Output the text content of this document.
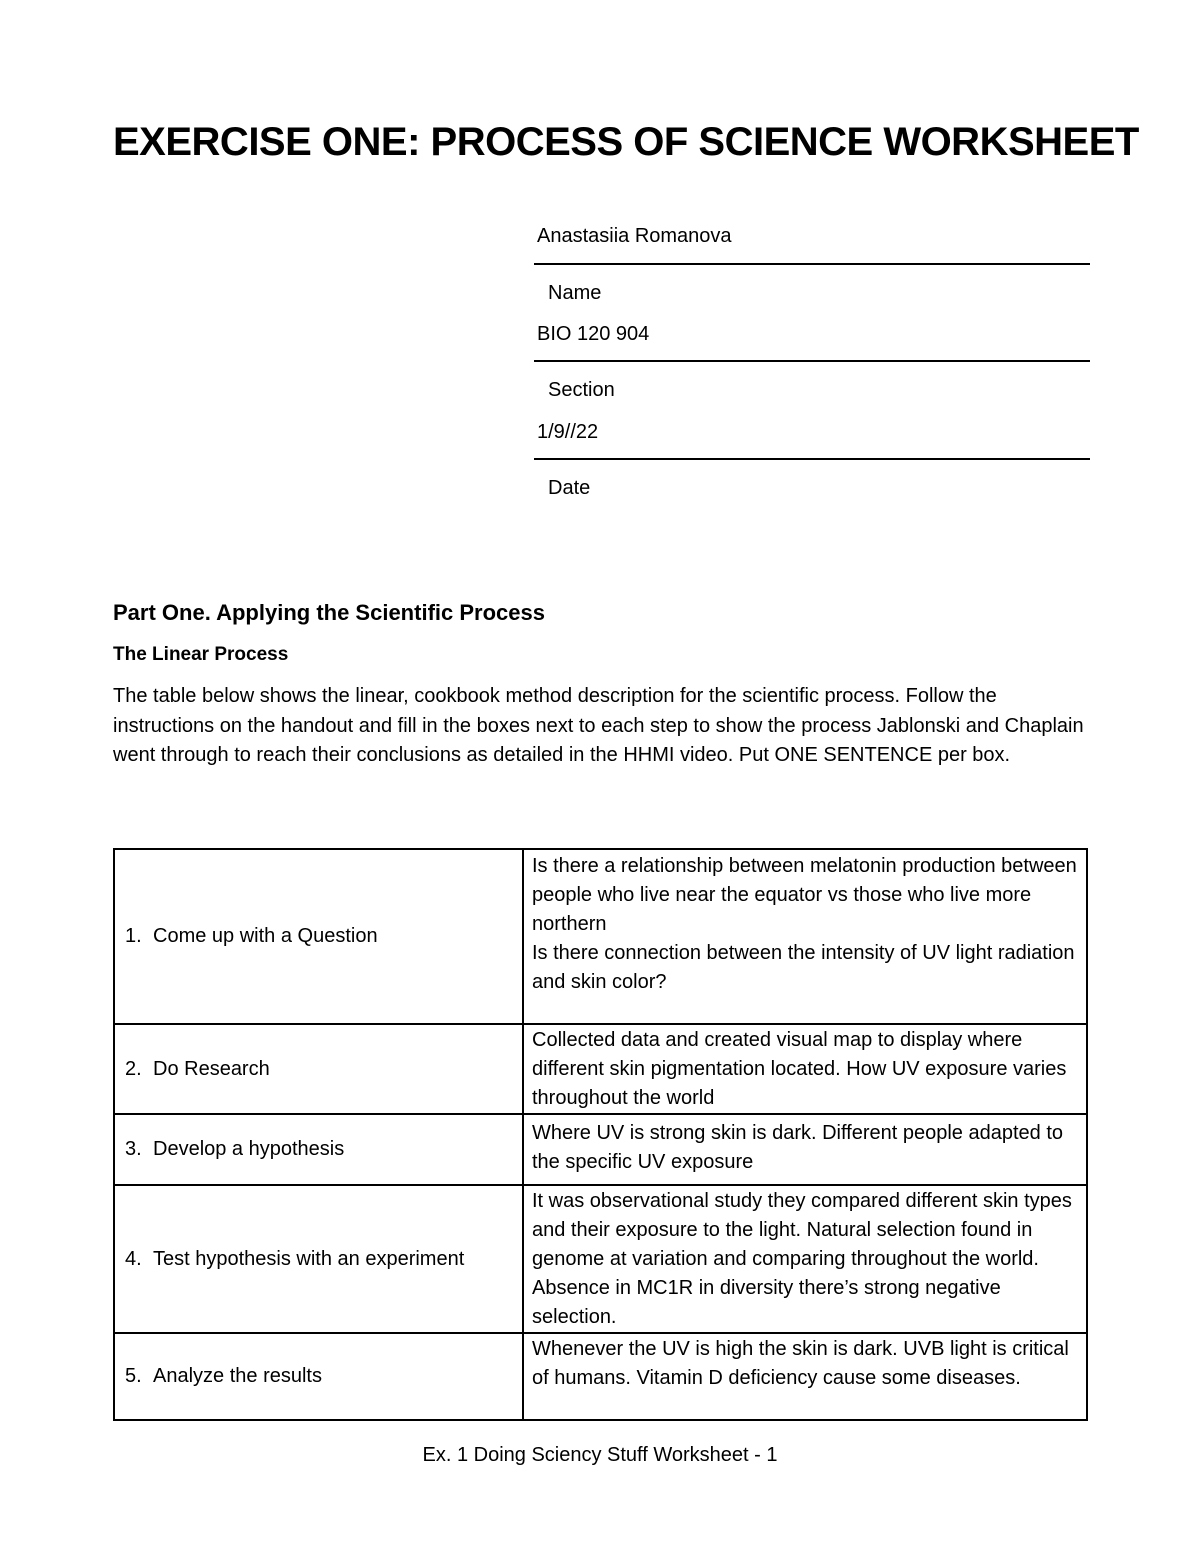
EXERCISE ONE: PROCESS OF SCIENCE WORKSHEET
Anastasiia Romanova
Name
BIO 120 904
Section
1/9//22
Date
Part One. Applying the Scientific Process
The Linear Process
The table below shows the linear, cookbook method description for the scientific process. Follow the instructions on the handout and fill in the boxes next to each step to show the process Jablonski and Chaplain went through to reach their conclusions as detailed in the HHMI video. Put ONE SENTENCE per box.
1. Come up with a Question	Is there a relationship between melatonin production between people who live near the equator vs those who live more northern
Is there connection between the intensity of UV light radiation and skin color?

2. Do Research	Collected data and created visual map to display where different skin pigmentation located. How UV exposure varies throughout the world

3. Develop a hypothesis	Where UV is strong skin is dark. Different people adapted to the specific UV exposure

4. Test hypothesis with an experiment	It was observational study they compared different skin types and their exposure to the light. Natural selection found in genome at variation and comparing throughout the world. Absence in MC1R in diversity there’s strong negative selection.

5. Analyze the results	Whenever the UV is high the skin is dark. UVB light is critical of humans. Vitamin D deficiency cause some diseases.
Ex. 1 Doing Sciency Stuff Worksheet - 1
